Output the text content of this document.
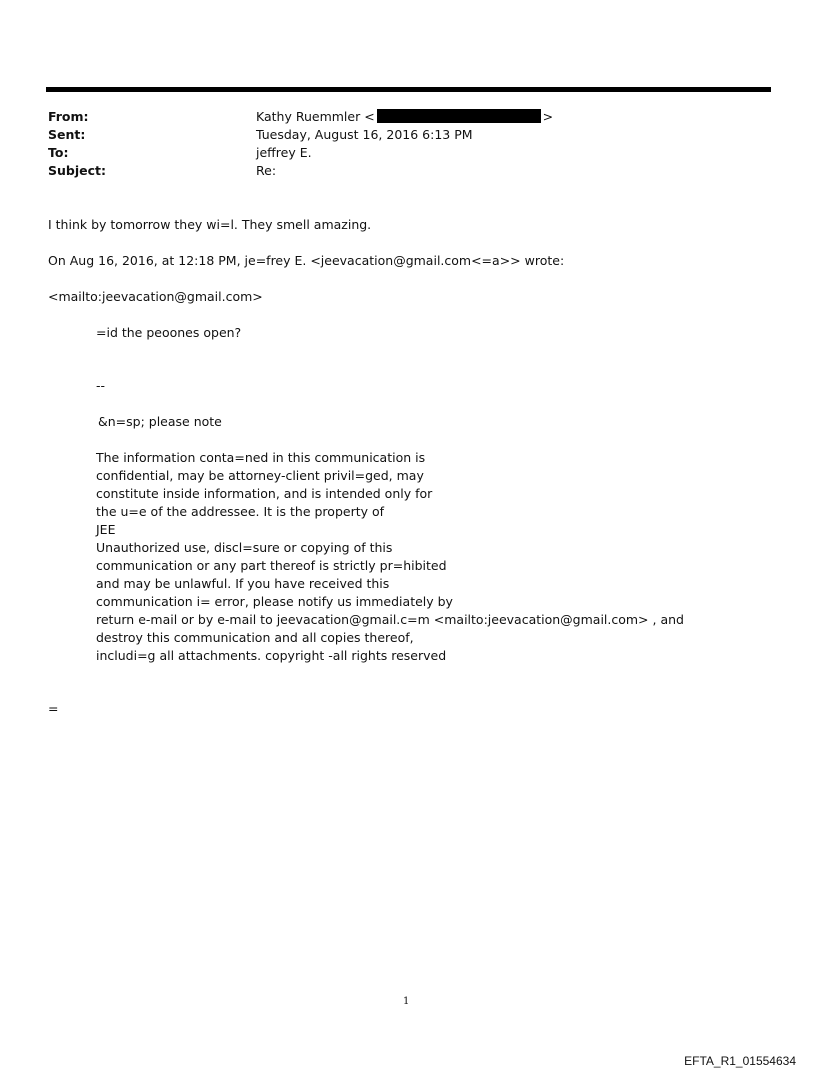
From:	Kathy Ruemmler <	>
Sent:	Tuesday, August 16, 2016 6:13 PM
To:	jeffrey E.
Subject:	Re:
I think by tomorrow they wi=l. They smell amazing.
On Aug 16, 2016, at 12:18 PM, je=frey E. <jeevacation@gmail.com<=a>> wrote:
<mailto:jeevacation@gmail.com>
=id the peoones open?
--
&n=sp; please note
The information conta=ned in this communication is
confidential, may be attorney-client privil=ged, may
constitute inside information, and is intended only for
the u=e of the addressee. It is the property of
JEE
Unauthorized use, discl=sure or copying of this
communication or any part thereof is strictly pr=hibited
and may be unlawful. If you have received this
communication i= error, please notify us immediately by
return e-mail or by e-mail to jeevacation@gmail.c=m <mailto:jeevacation@gmail.com> , and
destroy this communication and all copies thereof,
includi=g all attachments. copyright -all rights reserved
=
1
EFTA_R1_01554634
